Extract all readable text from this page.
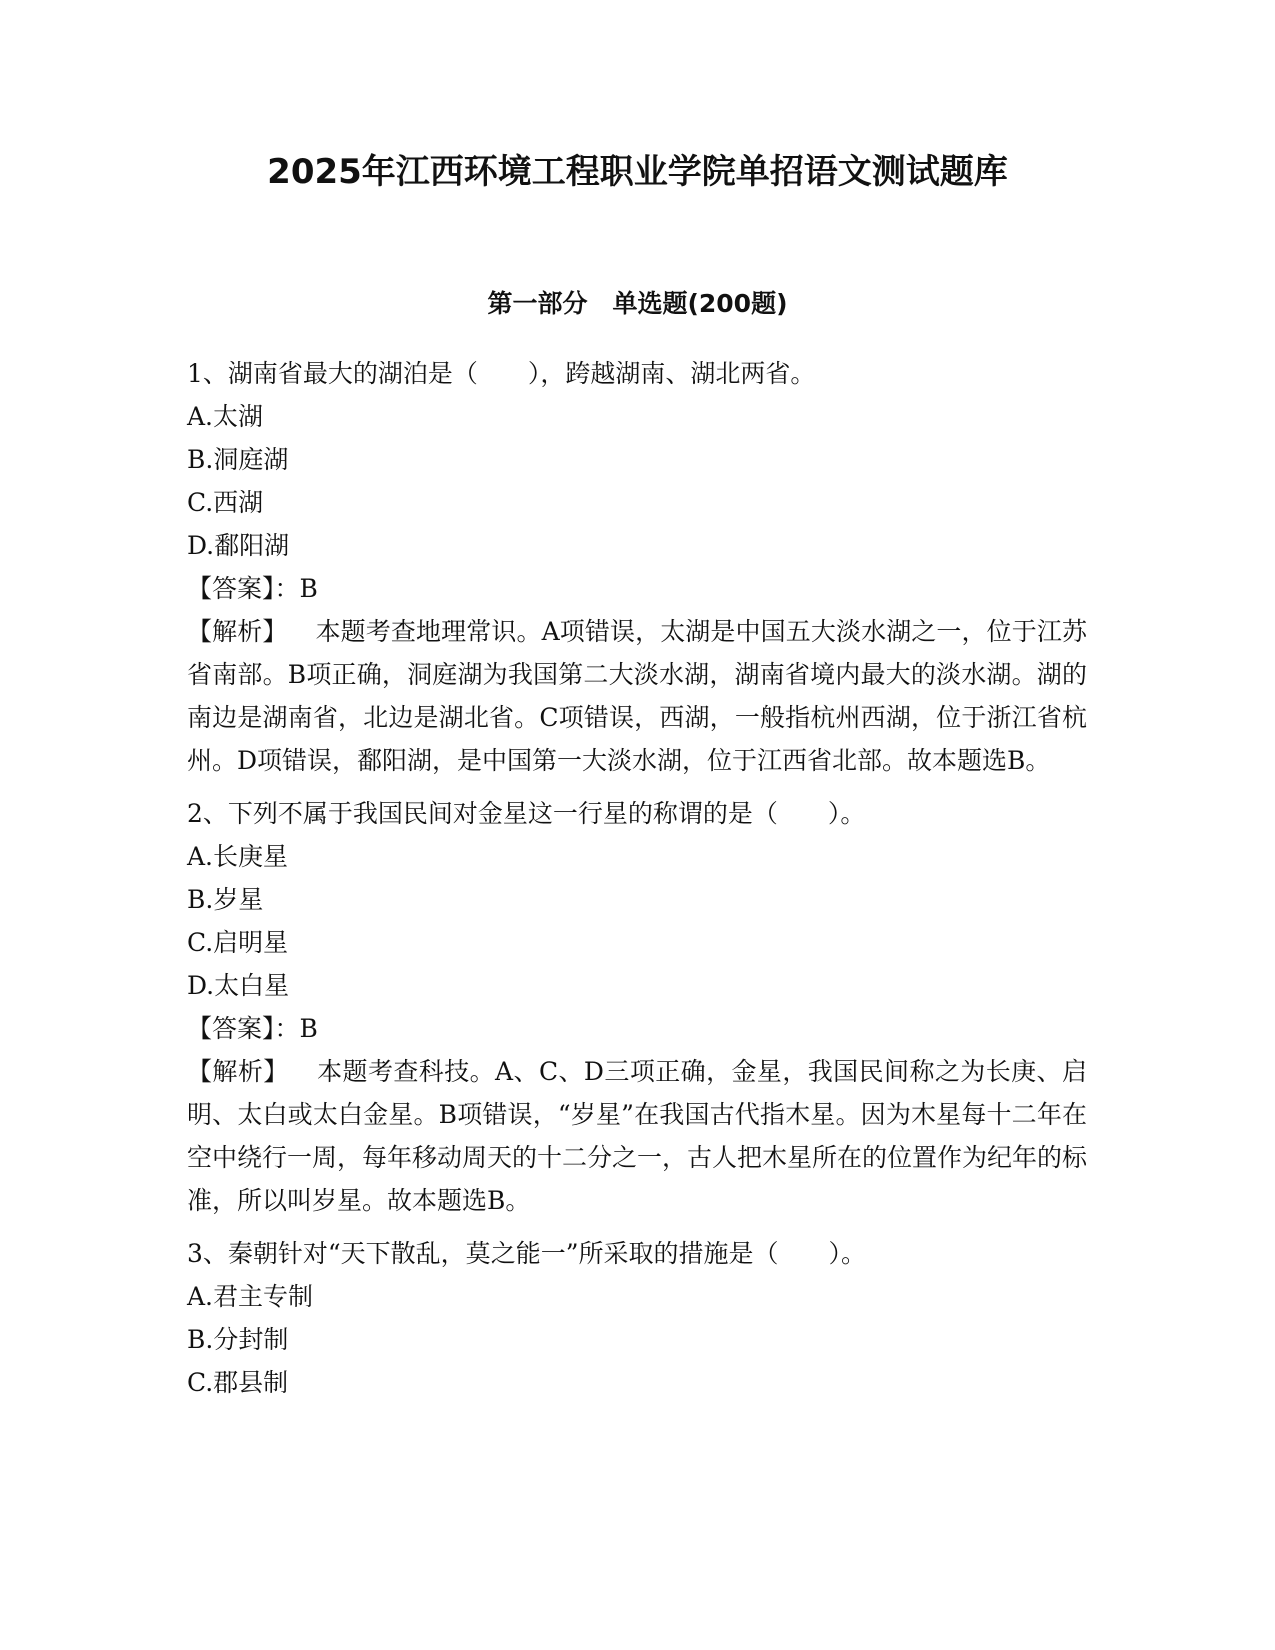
2025年江西环境工程职业学院单招语文测试题库
第一部分　单选题(200题)
1、湖南省最大的湖泊是（　　），跨越湖南、湖北两省。
A.太湖
B.洞庭湖
C.西湖
D.鄱阳湖
【答案】：B
【解析】 本题考查地理常识。A项错误，太湖是中国五大淡水湖之一，位于江苏省南部。B项正确，洞庭湖为我国第二大淡水湖，湖南省境内最大的淡水湖。湖的南边是湖南省，北边是湖北省。C项错误，西湖，一般指杭州西湖，位于浙江省杭州。D项错误，鄱阳湖，是中国第一大淡水湖，位于江西省北部。故本题选B。
2、下列不属于我国民间对金星这一行星的称谓的是（　　）。
A.长庚星
B.岁星
C.启明星
D.太白星
【答案】：B
【解析】 本题考查科技。A、C、D三项正确，金星，我国民间称之为长庚、启明、太白或太白金星。B项错误，“岁星”在我国古代指木星。因为木星每十二年在空中绕行一周，每年移动周天的十二分之一，古人把木星所在的位置作为纪年的标准，所以叫岁星。故本题选B。
3、秦朝针对“天下散乱，莫之能一”所采取的措施是（　　）。
A.君主专制
B.分封制
C.郡县制
